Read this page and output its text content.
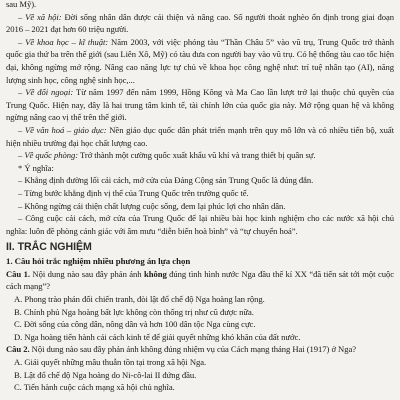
sau Mỹ).

– Về xã hội: Đời sống nhân dân được cải thiện và nâng cao. Số người thoát nghèo ổn định trong giai đoạn 2016 – 2021 đạt hơn 60 triệu người.

– Về khoa học – kĩ thuật: Năm 2003, với việc phóng tàu “Thần Châu 5” vào vũ trụ, Trung Quốc trở thành quốc gia thứ ba trên thế giới (sau Liên Xô, Mỹ) có tàu đưa con người bay vào vũ trụ. Có hệ thống tàu cao tốc hiện đại, không ngừng mở rộng. Nâng cao năng lực tự chủ về khoa học công nghệ như: trí tuệ nhân tạo (AI), năng lượng sinh học, công nghệ sinh học,...

– Về đối ngoại: Từ năm 1997 đến năm 1999, Hồng Kông và Ma Cao lần lượt trở lại thuộc chủ quyền của Trung Quốc. Hiện nay, đây là hai trung tâm kinh tế, tài chính lớn của quốc gia này. Mở rộng quan hệ và không ngừng nâng cao vị thế trên thế giới.

– Về văn hoá – giáo dục: Nền giáo dục quốc dân phát triển mạnh trên quy mô lớn và có nhiều tiến bộ, xuất hiện nhiều trường đại học chất lượng cao.

– Về quốc phòng: Trở thành một cường quốc xuất khẩu vũ khí và trang thiết bị quân sự.

* Ý nghĩa:

– Khẳng định đường lối cải cách, mở cửa của Đảng Cộng sản Trung Quốc là đúng đắn.

– Từng bước khẳng định vị thế của Trung Quốc trên trường quốc tế.

– Không ngừng cải thiện chất lượng cuộc sống, đem lại phúc lợi cho nhân dân.

– Công cuộc cải cách, mở cửa của Trung Quốc để lại nhiều bài học kinh nghiệm cho các nước xã hội chủ nghĩa: luôn đề phòng cảnh giác với âm mưu “diễn biến hoà bình” và “tự chuyển hoá”.

II. TRẮC NGHIỆM
1. Câu hỏi trắc nghiệm nhiều phương án lựa chọn

Câu 1. Nội dung nào sau đây phản ánh không đúng tình hình nước Nga đầu thế kỉ XX “đã tiến sát tới một cuộc cách mạng”?

A. Phong trào phản đối chiến tranh, đòi lật đổ chế độ Nga hoàng lan rộng.

B. Chính phủ Nga hoàng bất lực không còn thống trị như cũ được nữa.

C. Đời sống của công dân, nông dân và hơn 100 dân tộc Nga cùng cực.

D. Nga hoàng tiến hành cải cách kinh tế để giải quyết những khó khăn của đất nước.

Câu 2. Nội dung nào sau đây phản ánh không đúng nhiệm vụ của Cách mạng tháng Hai (1917) ở Nga?

A. Giải quyết những mâu thuẫn tồn tại trong xã hội Nga.

B. Lật đổ chế độ Nga hoàng do Ni-cô-lai II đứng đầu.

C. Tiến hành cuộc cách mạng xã hội chủ nghĩa.
